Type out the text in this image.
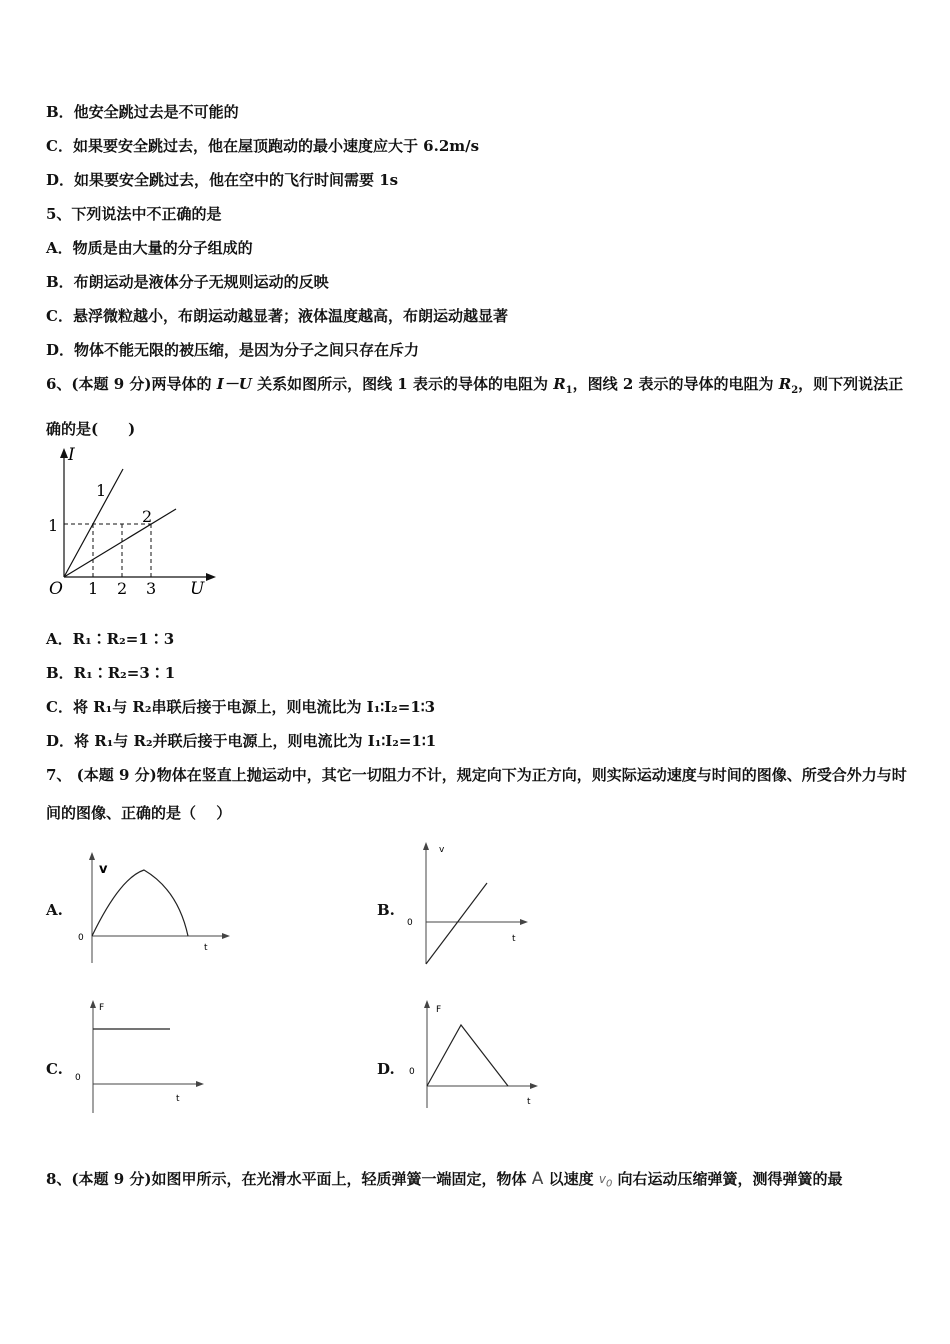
B．他安全跳过去是不可能的
C．如果要安全跳过去，他在屋顶跑动的最小速度应大于 6.2m/s
D．如果要安全跳过去，他在空中的飞行时间需要 1s
5、下列说法中不正确的是
A．物质是由大量的分子组成的
B．布朗运动是液体分子无规则运动的反映
C．悬浮微粒越小，布朗运动越显著；液体温度越高，布朗运动越显著
D．物体不能无限的被压缩，是因为分子之间只存在斥力
6、(本题 9 分)两导体的 I－U 关系如图所示，图线 1 表示的导体的电阻为 $R_1$，图线 2 表示的导体的电阻为 $R_2$，则下列说法正确的是(　　)
I
U
O
1
2
1
1 2 3
A．R₁∶R₂=1∶3
B．R₁∶R₂=3∶1
C．将 R₁与 R₂串联后接于电源上，则电流比为 I₁∶I₂=1∶3
D．将 R₁与 R₂并联后接于电源上，则电流比为 I₁∶I₂=1∶1
7、 (本题 9 分)物体在竖直上抛运动中，其它一切阻力不计，规定向下为正方向，则实际运动速度与时间的图像、所受合外力与时间的图像、正确的是（　 ）
A.	B.
C.	D.
v
t
0
v
t
0
F
t
0
F
t
0
8、(本题 9 分)如图甲所示，在光滑水平面上，轻质弹簧一端固定，物体 A 以速度 $^{v_0}$ 向右运动压缩弹簧，测得弹簧的最
